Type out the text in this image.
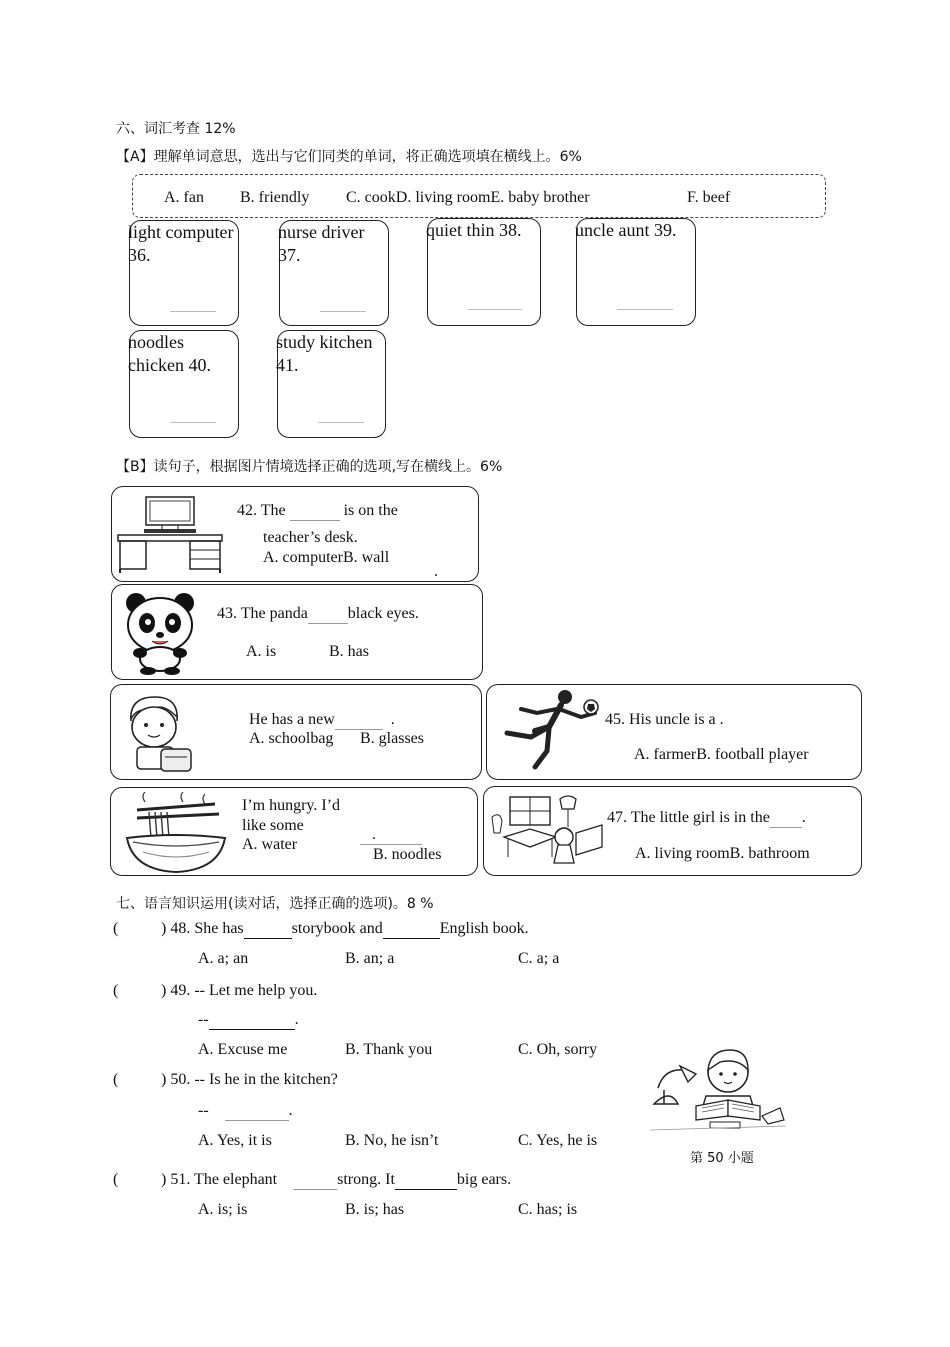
六、词汇考查 12%
【A】理解单词意思，选出与它们同类的单词，将正确选项填在横线上。6%
A. fan B. friendly C. cookD. living roomE. baby brother	F. beef
light computer 36.
nurse driver 37.
quiet thin 38.	uncle aunt 39.
noodles chicken 40.
study kitchen 41.
【B】读句子，根据图片情境选择正确的选项,写在横线上。6%
42. The	is on the
teacher’s desk.
A. computerB. wall
.
43. The panda	black eyes.
A. is	B. has
He has a new	.
A. schoolbag B. glasses
45. His uncle is a .
A. farmerB. football player
I’m hungry. I’d
like some
.
A. water
B. noodles
47. The little girl is in the .
A. living roomB. bathroom
七、语言知识运用(读对话，选择正确的选项)。8 %
(	) 48. She has	storybook and	English book.
A. a; an	B. an; a	C. a; a
(	) 49. -- Let me help you.
--	.
A. Excuse me	B. Thank you	C. Oh, sorry
(	) 50. -- Is he in the kitchen?
--	.
A. Yes, it is	B. No, he isn’t	C. Yes, he is
第 50 小题
(	) 51. The elephant	strong. It	big ears.
A. is; is	B. is; has	C. has; is
